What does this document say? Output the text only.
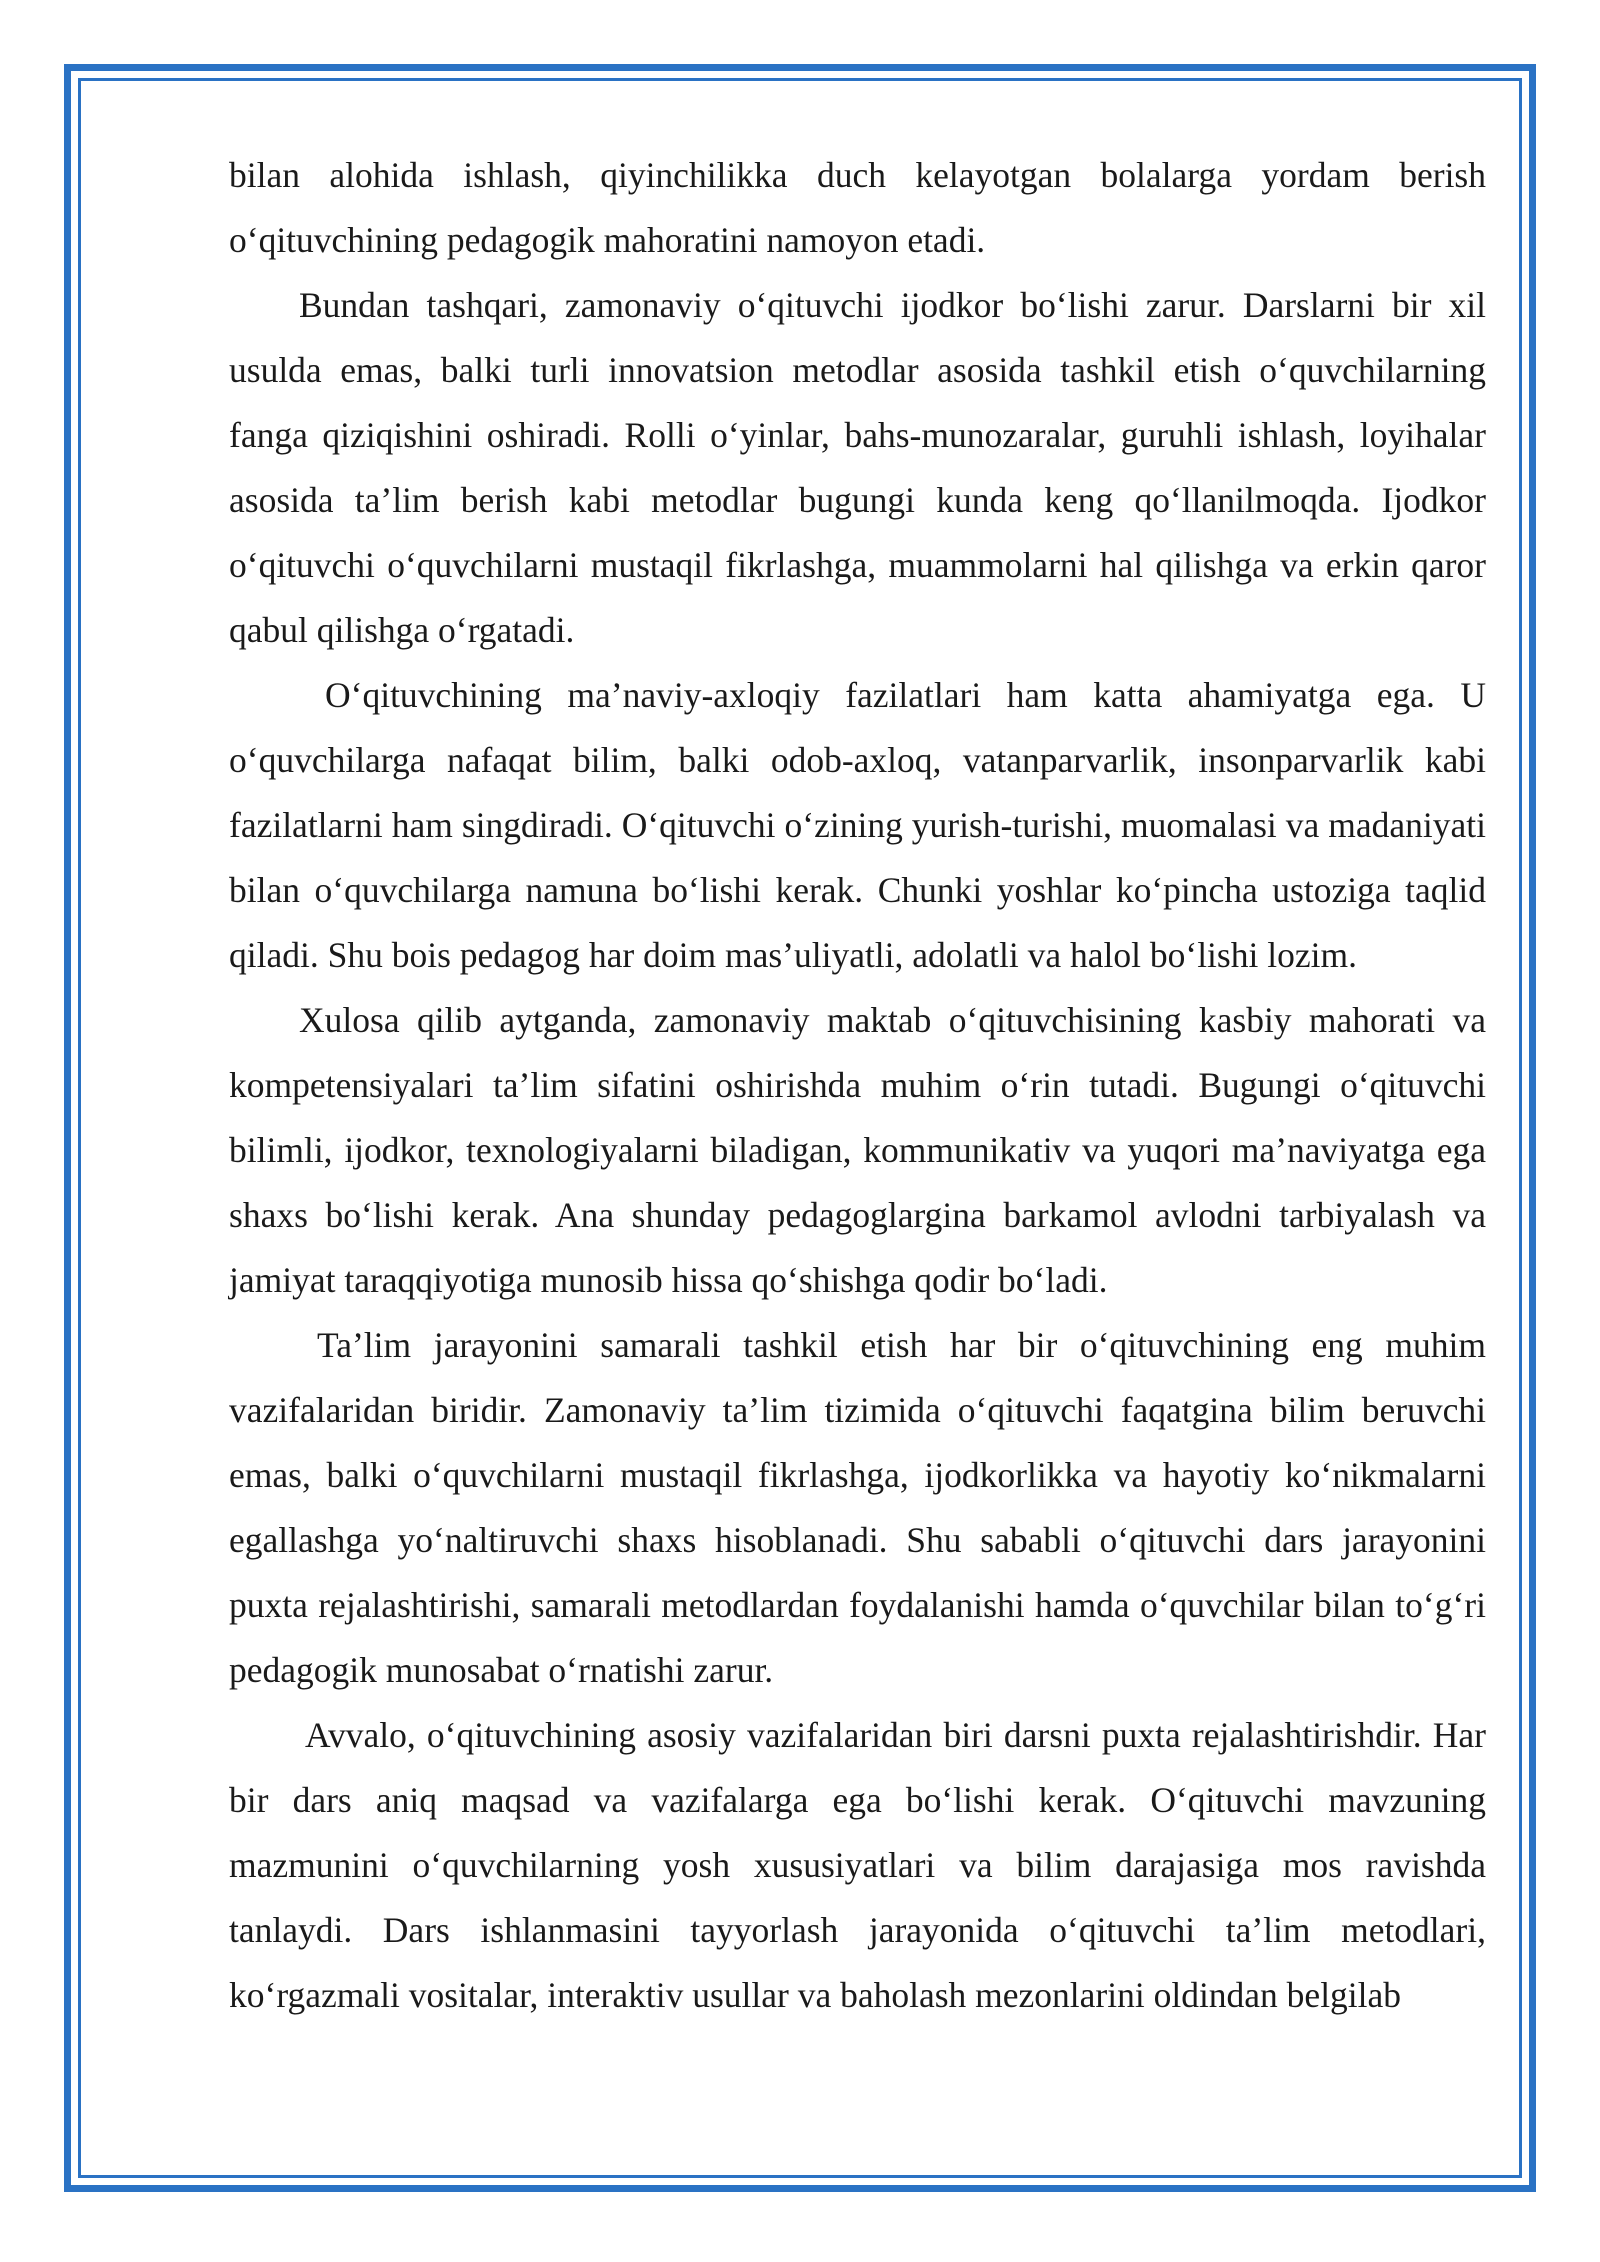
bilan alohida ishlash, qiyinchilikka duch kelayotgan bolalarga yordam berish o‘qituvchining pedagogik mahoratini namoyon etadi.

Bundan tashqari, zamonaviy o‘qituvchi ijodkor bo‘lishi zarur. Darslarni bir xil usulda emas, balki turli innovatsion metodlar asosida tashkil etish o‘quvchilarning fanga qiziqishini oshiradi. Rolli o‘yinlar, bahs-munozaralar, guruhli ishlash, loyihalar asosida ta’lim berish kabi metodlar bugungi kunda keng qo‘llanilmoqda. Ijodkor o‘qituvchi o‘quvchilarni mustaqil fikrlashga, muammolarni hal qilishga va erkin qaror qabul qilishga o‘rgatadi.

O‘qituvchining ma’naviy-axloqiy fazilatlari ham katta ahamiyatga ega. U o‘quvchilarga nafaqat bilim, balki odob-axloq, vatanparvarlik, insonparvarlik kabi fazilatlarni ham singdiradi. O‘qituvchi o‘zining yurish-turishi, muomalasi va madaniyati bilan o‘quvchilarga namuna bo‘lishi kerak. Chunki yoshlar ko‘pincha ustoziga taqlid qiladi. Shu bois pedagog har doim mas’uliyatli, adolatli va halol bo‘lishi lozim.

Xulosa qilib aytganda, zamonaviy maktab o‘qituvchisining kasbiy mahorati va kompetensiyalari ta’lim sifatini oshirishda muhim o‘rin tutadi. Bugungi o‘qituvchi bilimli, ijodkor, texnologiyalarni biladigan, kommunikativ va yuqori ma’naviyatga ega shaxs bo‘lishi kerak. Ana shunday pedagoglargina barkamol avlodni tarbiyalash va jamiyat taraqqiyotiga munosib hissa qo‘shishga qodir bo‘ladi.

Ta’lim jarayonini samarali tashkil etish har bir o‘qituvchining eng muhim vazifalaridan biridir. Zamonaviy ta’lim tizimida o‘qituvchi faqatgina bilim beruvchi emas, balki o‘quvchilarni mustaqil fikrlashga, ijodkorlikka va hayotiy ko‘nikmalarni egallashga yo‘naltiruvchi shaxs hisoblanadi. Shu sababli o‘qituvchi dars jarayonini puxta rejalashtirishi, samarali metodlardan foydalanishi hamda o‘quvchilar bilan to‘g‘ri pedagogik munosabat o‘rnatishi zarur.

Avvalo, o‘qituvchining asosiy vazifalaridan biri darsni puxta rejalashtirishdir. Har bir dars aniq maqsad va vazifalarga ega bo‘lishi kerak. O‘qituvchi mavzuning mazmunini o‘quvchilarning yosh xususiyatlari va bilim darajasiga mos ravishda tanlaydi. Dars ishlanmasini tayyorlash jarayonida o‘qituvchi ta’lim metodlari, ko‘rgazmali vositalar, interaktiv usullar va baholash mezonlarini oldindan belgilab
